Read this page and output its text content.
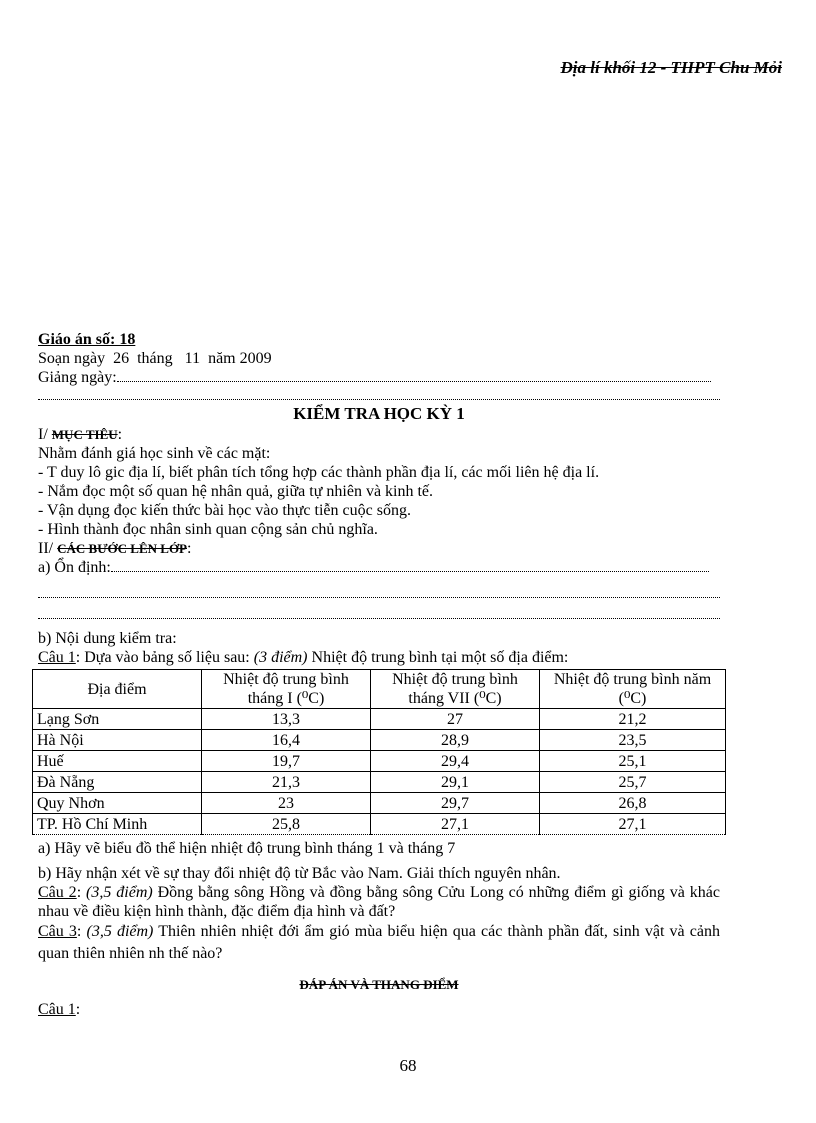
Địa lí khối 12 - THPT Chu Mỏi
Giáo án số: 18
Soạn ngày 26 tháng 11 năm 2009
Giảng ngày:
KIỂM TRA HỌC KỲ 1
I/ MỤC TIÊU:
Nhằm đánh giá học sinh về các mặt:
- T duy lô gic địa lí, biết phân tích tổng hợp các thành phần địa lí, các mối liên hệ địa lí.
- Nắm đọc một số quan hệ nhân quả, giữa tự nhiên và kinh tế.
- Vận dụng đọc kiến thức bài học vào thực tiễn cuộc sống.
- Hình thành đọc nhân sinh quan cộng sản chủ nghĩa.
II/ CÁC BƯỚC LÊN LỚP:
a) Ổn định:
b) Nội dung kiểm tra:
Câu 1: Dựa vào bảng số liệu sau: (3 điểm) Nhiệt độ trung bình tại một số địa điểm:
Địa điểm	Nhiệt độ trung bình tháng I (⁰C)	Nhiệt độ trung bình tháng VII (⁰C)	Nhiệt độ trung bình năm (⁰C)
Lạng Sơn	13,3	27	21,2
Hà Nội	16,4	28,9	23,5
Huế	19,7	29,4	25,1
Đà Nẵng	21,3	29,1	25,7
Quy Nhơn	23	29,7	26,8
TP. Hồ Chí Minh	25,8	27,1	27,1
a) Hãy vẽ biểu đồ thể hiện nhiệt độ trung bình tháng 1 và tháng 7
b) Hãy nhận xét về sự thay đổi nhiệt độ từ Bắc vào Nam. Giải thích nguyên nhân.
Câu 2: (3,5 điểm) Đồng bằng sông Hồng và đồng bằng sông Cửu Long có những điểm gì giống và khác nhau về điều kiện hình thành, đặc điểm địa hình và đất?
Câu 3: (3,5 điểm) Thiên nhiên nhiệt đới ẩm gió mùa biểu hiện qua các thành phần đất, sinh vật và cảnh quan thiên nhiên nh thế nào?
ĐÁP ÁN VÀ THANG ĐIỂM
Câu 1:
68
